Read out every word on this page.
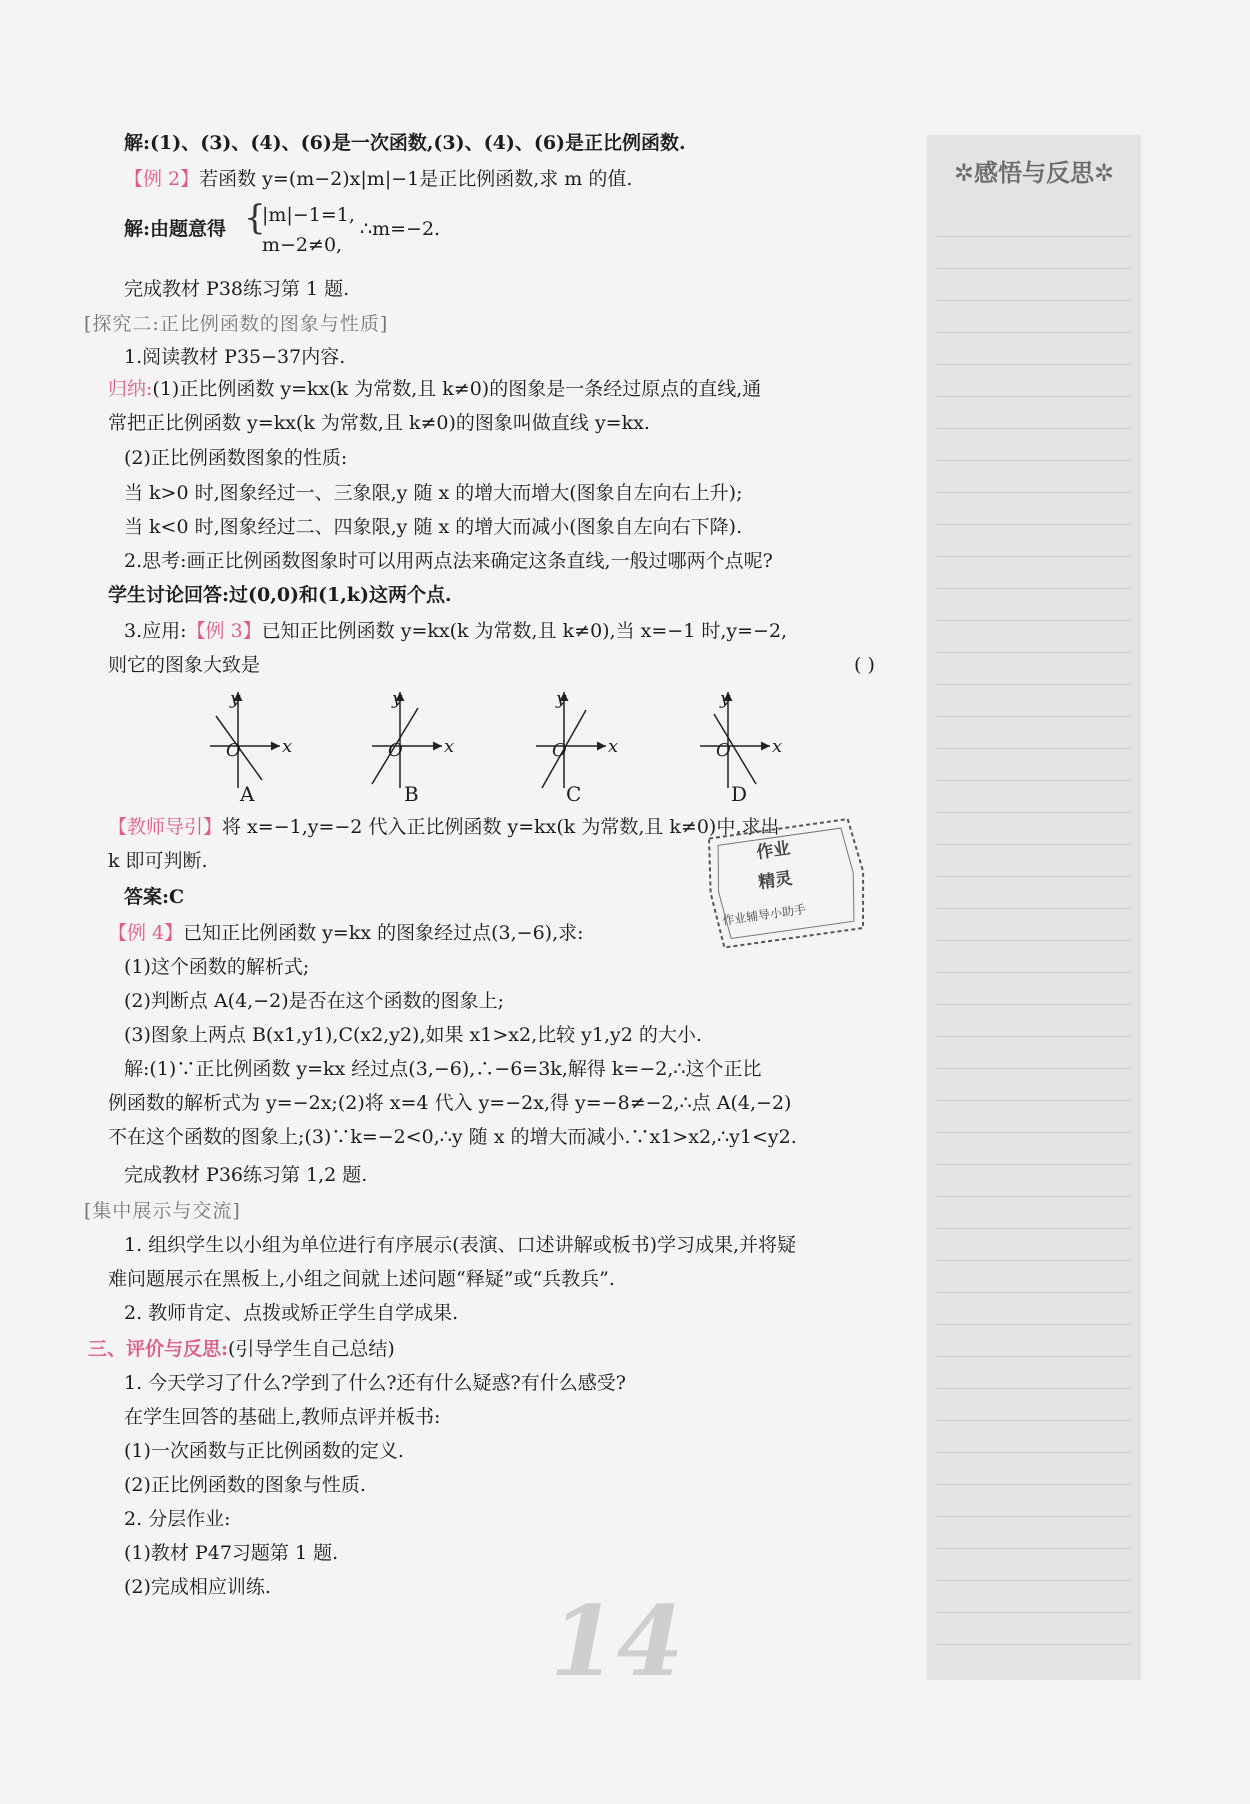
解:(1)、(3)、(4)、(6)是一次函数,(3)、(4)、(6)是正比例函数.
【例 2】若函数 y=(m−2)x|m|−1是正比例函数,求 m 的值.
解:由题意得 {
|m|−1=1,
m−2≠0,
∴m=−2.
完成教材 P38练习第 1 题.
[探究二:正比例函数的图象与性质]
1.阅读教材 P35−37内容.
归纳:(1)正比例函数 y=kx(k 为常数,且 k≠0)的图象是一条经过原点的直线,通
常把正比例函数 y=kx(k 为常数,且 k≠0)的图象叫做直线 y=kx.
(2)正比例函数图象的性质:
当 k>0 时,图象经过一、三象限,y 随 x 的增大而增大(图象自左向右上升);
当 k<0 时,图象经过二、四象限,y 随 x 的增大而减小(图象自左向右下降).
2.思考:画正比例函数图象时可以用两点法来确定这条直线,一般过哪两个点呢?
学生讨论回答:过(0,0)和(1,k)这两个点.
3.应用:【例 3】已知正比例函数 y=kx(k 为常数,且 k≠0),当 x=−1 时,y=−2,
则它的图象大致是	( )
y
x
O
y
x
O
y
x
O
y
x
O
A	B	C	D
【教师导引】将 x=−1,y=−2 代入正比例函数 y=kx(k 为常数,且 k≠0)中,求出
k 即可判断.
答案:C
【例 4】已知正比例函数 y=kx 的图象经过点(3,−6),求:
(1)这个函数的解析式;
(2)判断点 A(4,−2)是否在这个函数的图象上;
(3)图象上两点 B(x1,y1),C(x2,y2),如果 x1>x2,比较 y1,y2 的大小.
解:(1)∵正比例函数 y=kx 经过点(3,−6),∴−6=3k,解得 k=−2,∴这个正比
例函数的解析式为 y=−2x;(2)将 x=4 代入 y=−2x,得 y=−8≠−2,∴点 A(4,−2)
不在这个函数的图象上;(3)∵k=−2<0,∴y 随 x 的增大而减小.∵x1>x2,∴y1<y2.
完成教材 P36练习第 1,2 题.
[集中展示与交流]
1. 组织学生以小组为单位进行有序展示(表演、口述讲解或板书)学习成果,并将疑
难问题展示在黑板上,小组之间就上述问题“释疑”或“兵教兵”.
2. 教师肯定、点拨或矫正学生自学成果.
三、评价与反思:(引导学生自己总结)
1. 今天学习了什么?学到了什么?还有什么疑惑?有什么感受?
在学生回答的基础上,教师点评并板书:
(1)一次函数与正比例函数的定义.
(2)正比例函数的图象与性质.
2. 分层作业:
(1)教材 P47习题第 1 题.
(2)完成相应训练.
作业
精灵
作业辅导小助手
✲感悟与反思✲
14
